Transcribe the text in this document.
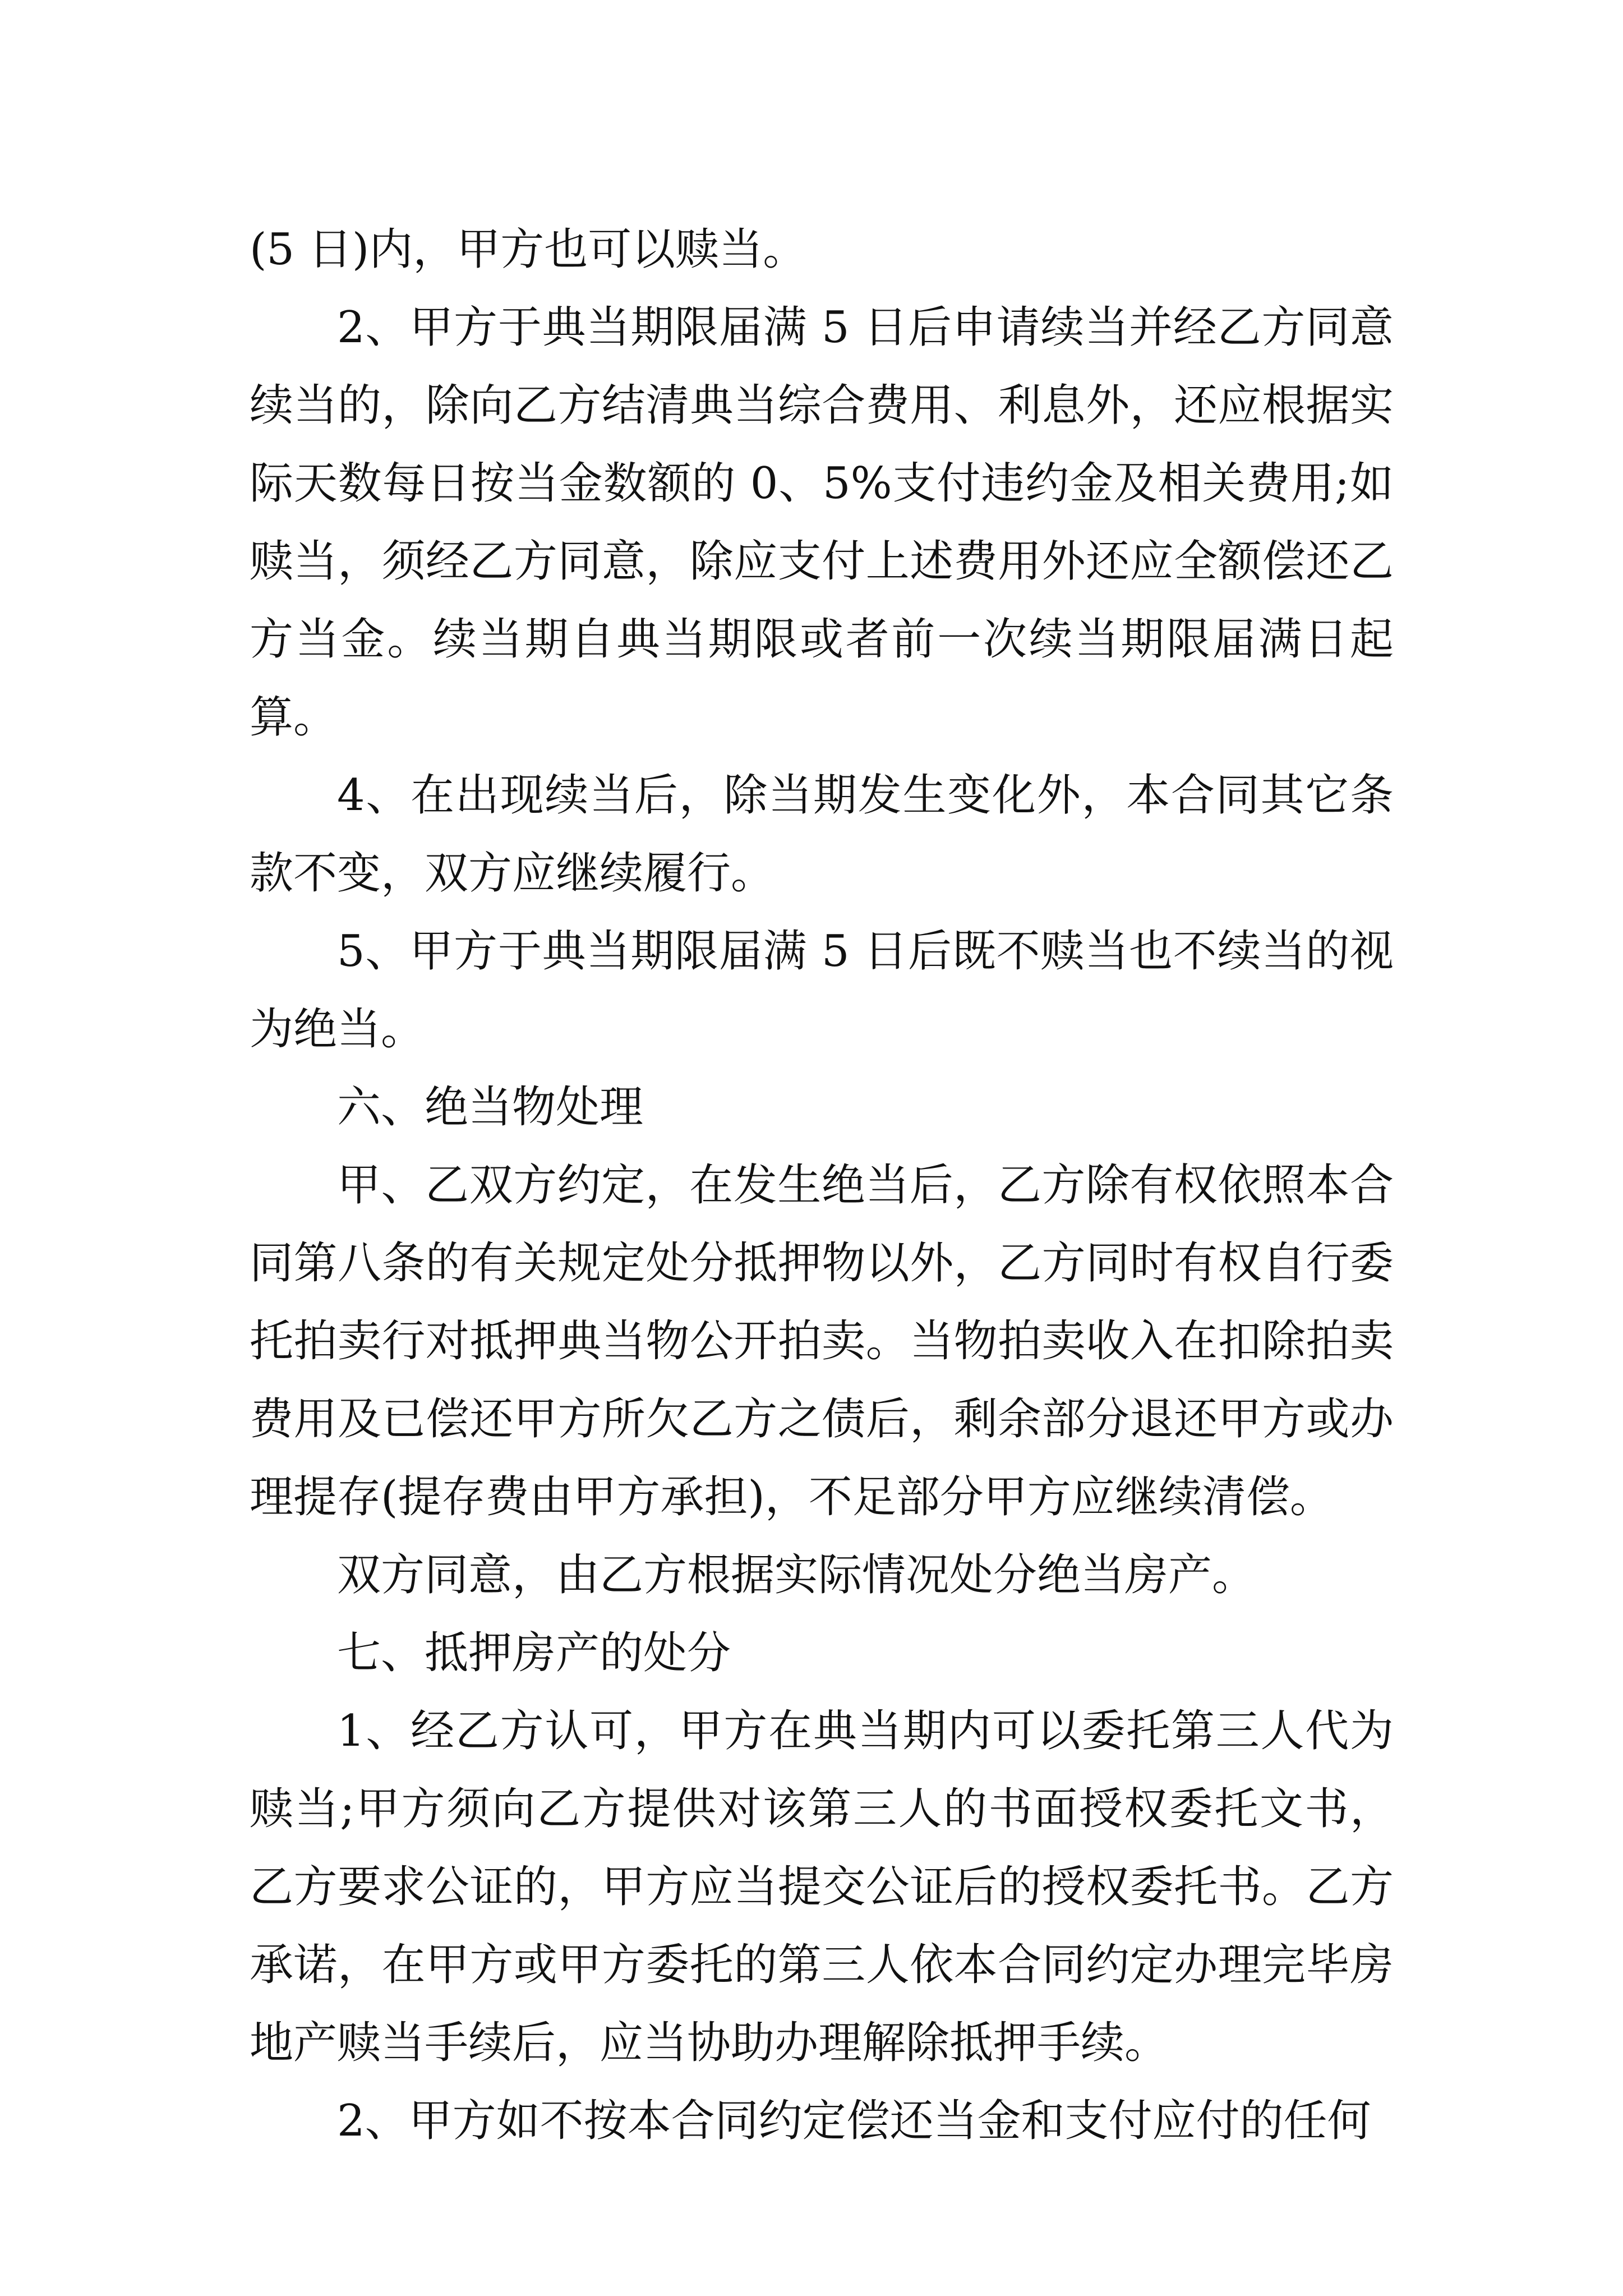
(5 日)内，甲方也可以赎当。

2、甲方于典当期限届满 5 日后申请续当并经乙方同意续当的，除向乙方结清典当综合费用、利息外，还应根据实际天数每日按当金数额的 0、5%支付违约金及相关费用;如赎当，须经乙方同意，除应支付上述费用外还应全额偿还乙方当金。续当期自典当期限或者前一次续当期限届满日起算。

4、在出现续当后，除当期发生变化外，本合同其它条款不变，双方应继续履行。

5、甲方于典当期限届满 5 日后既不赎当也不续当的视为绝当。

六、绝当物处理

甲、乙双方约定，在发生绝当后，乙方除有权依照本合同第八条的有关规定处分抵押物以外，乙方同时有权自行委托拍卖行对抵押典当物公开拍卖。当物拍卖收入在扣除拍卖费用及已偿还甲方所欠乙方之债后，剩余部分退还甲方或办理提存(提存费由甲方承担)，不足部分甲方应继续清偿。

双方同意，由乙方根据实际情况处分绝当房产。

七、抵押房产的处分

1、经乙方认可，甲方在典当期内可以委托第三人代为赎当;甲方须向乙方提供对该第三人的书面授权委托文书，乙方要求公证的，甲方应当提交公证后的授权委托书。乙方承诺，在甲方或甲方委托的第三人依本合同约定办理完毕房地产赎当手续后，应当协助办理解除抵押手续。

2、甲方如不按本合同约定偿还当金和支付应付的任何
